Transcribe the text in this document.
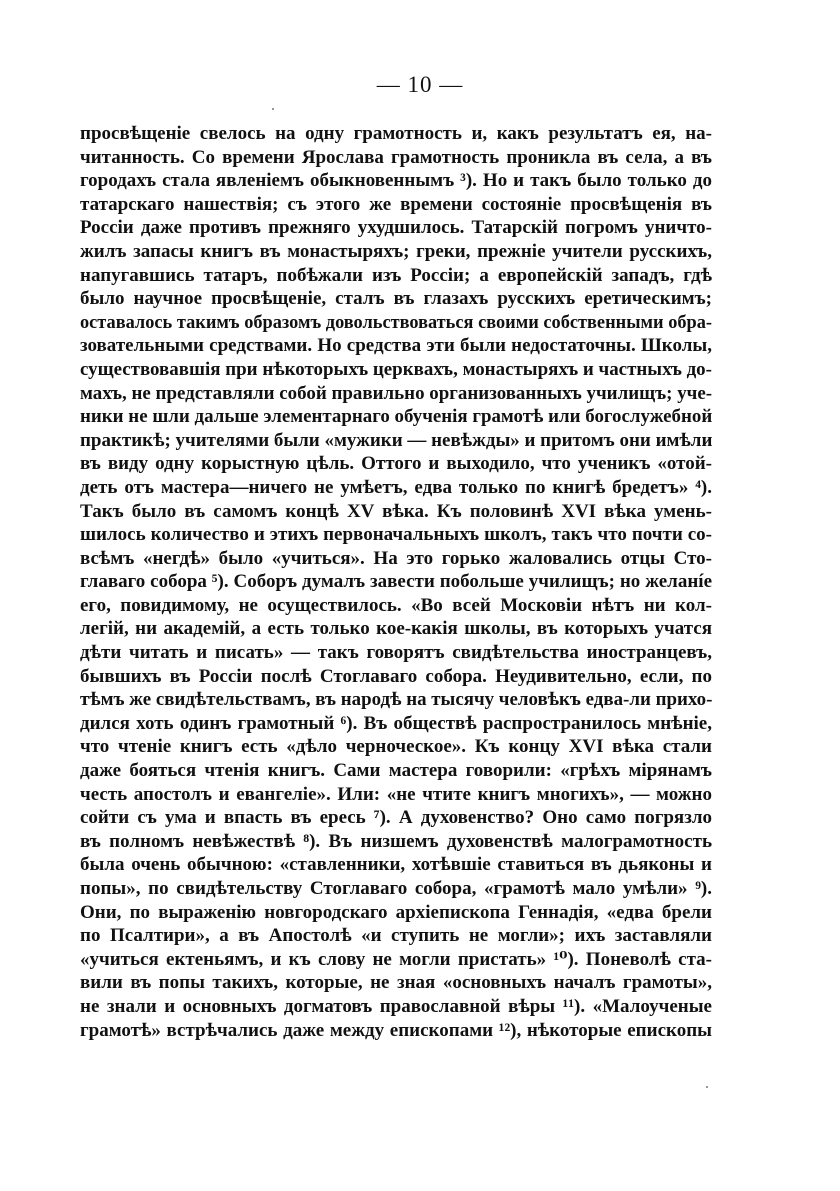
— 10 —
просвѣщеніе свелось на одну грамотность и, какъ результатъ ея, на-
читанность. Со времени Ярослава грамотность проникла въ села, а въ
городахъ стала явленіемъ обыкновеннымъ ³). Но и такъ было только до
татарскаго нашествія; съ этого же времени состояніе просвѣщенія въ
Россіи даже противъ прежняго ухудшилось. Татарскій погромъ уничто-
жилъ запасы книгъ въ монастыряхъ; греки, прежніе учители русскихъ,
напугавшись татаръ, побѣжали изъ Россіи; а европейскій западъ, гдѣ
было научное просвѣщеніе, сталъ въ глазахъ русскихъ еретическимъ;
оставалось такимъ образомъ довольствоваться своими собственными обра-
зовательными средствами. Но средства эти были недостаточны. Школы,
существовавшія при нѣкоторыхъ церквахъ, монастыряхъ и частныхъ до-
махъ, не представляли собой правильно организованныхъ училищъ; уче-
ники не шли дальше элементарнаго обученія грамотѣ или богослужебной
практикѣ; учителями были «мужики — невѣжды» и притомъ они имѣли
въ виду одну корыстную цѣль. Оттого и выходило, что ученикъ «отой-
деть отъ мастера—ничего не умѣетъ, едва только по книгѣ бредетъ» ⁴).
Такъ было въ самомъ концѣ XV вѣка. Къ половинѣ XVI вѣка умень-
шилось количество и этихъ первоначальныхъ школъ, такъ что почти со-
всѣмъ «негдѣ» было «учиться». На это горько жаловались отцы Сто-
главаго собора ⁵). Соборъ думалъ завести побольше училищъ; но желанíе
его, повидимому, не осуществилось. «Во всей Московіи нѣтъ ни кол-
легій, ни академій, а есть только кое-какія школы, въ которыхъ учатся
дѣти читать и писать» — такъ говорятъ свидѣтельства иностранцевъ,
бывшихъ въ Россіи послѣ Стоглаваго собора. Неудивительно, если, по
тѣмъ же свидѣтельствамъ, въ народѣ на тысячу человѣкъ едва-ли прихо-
дился хоть одинъ грамотный ⁶). Въ обществѣ распространилось мнѣніе,
что чтеніе книгъ есть «дѣло черноческое». Къ концу XVI вѣка стали
даже бояться чтенія книгъ. Сами мастера говорили: «грѣхъ мірянамъ
честь апостолъ и евангеліе». Или: «не чтите книгъ многихъ», — можно
сойти съ ума и впасть въ ересь ⁷). А духовенство? Оно само погрязло
въ полномъ невѣжествѣ ⁸). Въ низшемъ духовенствѣ малограмотность
была очень обычною: «ставленники, хотѣвшіе ставиться въ дьяконы и
попы», по свидѣтельству Стоглаваго собора, «грамотѣ мало умѣли» ⁹).
Они, по выраженію новгородскаго архіепископа Геннадія, «едва брели
по Псалтири», а въ Апостолѣ «и ступить не могли»; ихъ заставляли
«учиться ектеньямъ, и къ слову не могли пристать» ¹⁰). Поневолѣ ста-
вили въ попы такихъ, которые, не зная «основныхъ началъ грамоты»,
не знали и основныхъ догматовъ православной вѣры ¹¹). «Малоученые
грамотѣ» встрѣчались даже между епископами ¹²), нѣкоторые епископы
